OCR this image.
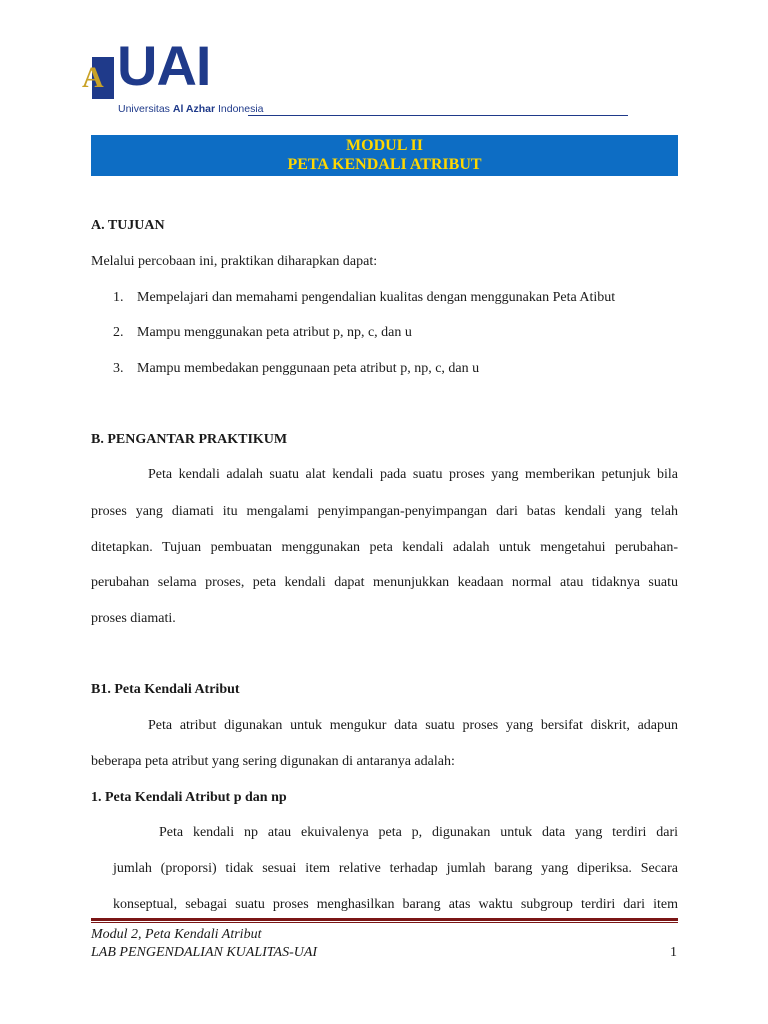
A UAI
Universitas Al Azhar Indonesia
MODUL II
PETA KENDALI ATRIBUT
A. TUJUAN
Melalui percobaan ini, praktikan diharapkan dapat:
1. Mempelajari dan memahami pengendalian kualitas dengan menggunakan Peta Atibut
2. Mampu menggunakan peta atribut p, np, c, dan u
3. Mampu membedakan penggunaan peta atribut p, np, c, dan u
B. PENGANTAR PRAKTIKUM
Peta kendali adalah suatu alat kendali pada suatu proses yang memberikan petunjuk bila
proses yang diamati itu mengalami penyimpangan-penyimpangan dari batas kendali yang telah
ditetapkan. Tujuan pembuatan menggunakan peta kendali adalah untuk mengetahui perubahan-
perubahan selama proses, peta kendali dapat menunjukkan keadaan normal atau tidaknya suatu
proses diamati.
B1. Peta Kendali Atribut
Peta atribut digunakan untuk mengukur data suatu proses yang bersifat diskrit, adapun
beberapa peta atribut yang sering digunakan di antaranya adalah:
1. Peta Kendali Atribut p dan np
Peta kendali np atau ekuivalenya peta p, digunakan untuk data yang terdiri dari
jumlah (proporsi) tidak sesuai item relative terhadap jumlah barang yang diperiksa. Secara
konseptual, sebagai suatu proses menghasilkan barang atas waktu subgroup terdiri dari item
Modul 2, Peta Kendali Atribut
LAB PENGENDALIAN KUALITAS-UAI	1
